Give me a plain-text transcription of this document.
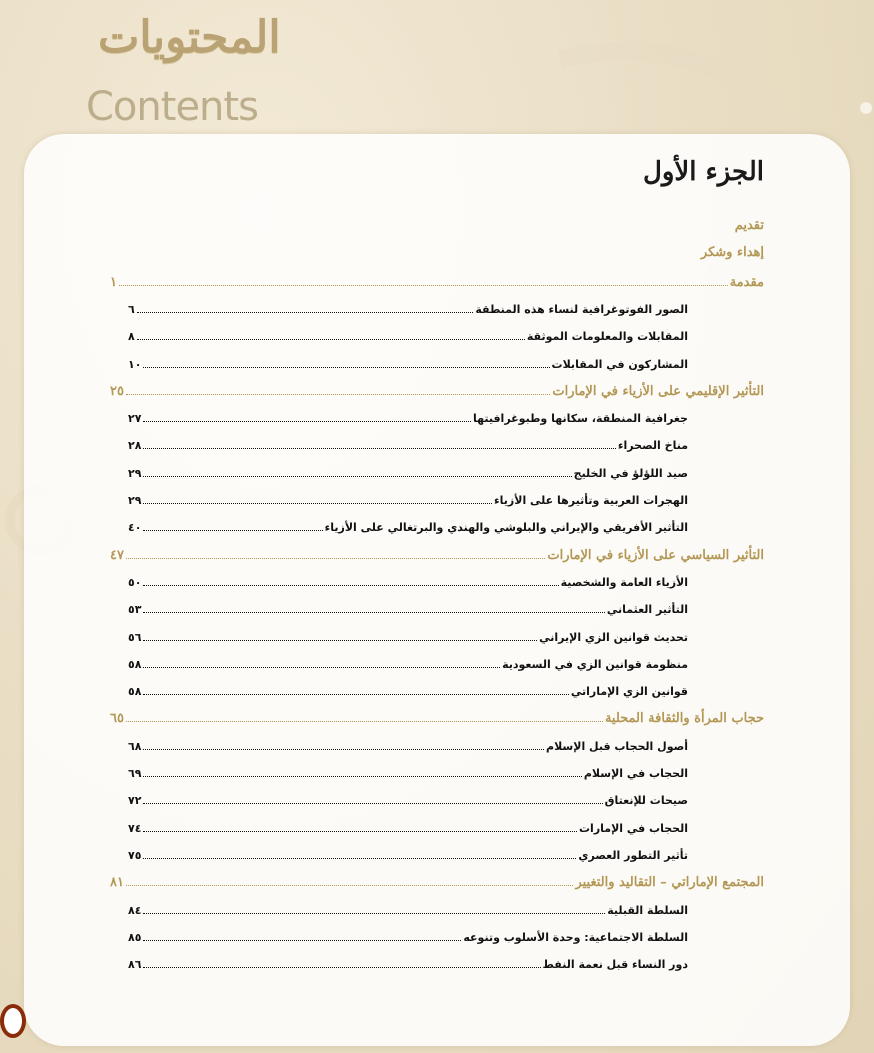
المحتويات
Contents
الجزء الأول
تقديم
إهداء وشكر
مقدمة
١
الصور الفوتوغرافية لنساء هذه المنطقة
٦
المقابلات والمعلومات الموثقة
٨
المشاركون في المقابلات
١٠
التأثير الإقليمي على الأزياء في الإمارات
٢٥
جغرافية المنطقة، سكانها وطبوغرافيتها
٢٧
مناخ الصحراء
٢٨
صيد اللؤلؤ في الخليج
٢٩
الهجرات العربية وتأثيرها على الأزياء
٢٩
التأثير الأفريقي والإيراني والبلوشي والهندي والبرتغالي على الأزياء
٤٠
التأثير السياسي على الأزياء في الإمارات
٤٧
الأزياء العامة والشخصية
٥٠
التأثير العثماني
٥٣
تحديث قوانين الزي الإيراني
٥٦
منظومة قوانين الزي في السعودية
٥٨
قوانين الزي الإماراتي
٥٨
حجاب المرأة والثقافة المحلية
٦٥
أصول الحجاب قبل الإسلام
٦٨
الحجاب في الإسلام
٦٩
صيحات للإنعتاق
٧٢
الحجاب في الإمارات
٧٤
تأثير التطور العصري
٧٥
المجتمع الإماراتي – التقاليد والتغيير
٨١
السلطة القبلية
٨٤
السلطة الاجتماعية: وحدة الأسلوب وتنوعه
٨٥
دور النساء قبل نعمة النفط
٨٦
